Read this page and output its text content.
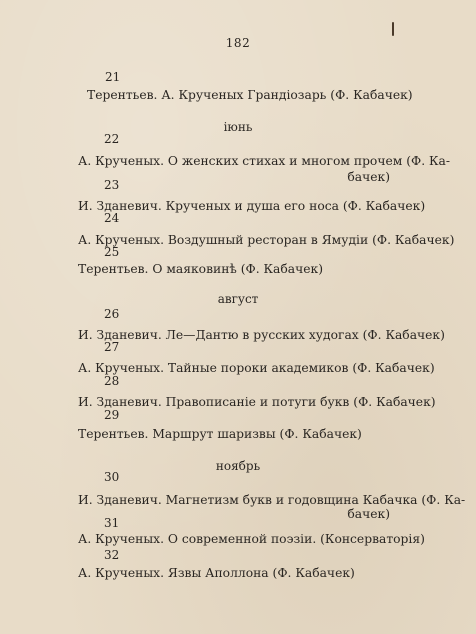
182
21
Терентьев. А. Крученых Грандіозарь (Ф. Кабачек)
іюнь
22
А. Крученых. О женских стихах и многом прочем (Ф. Ка-
бачек)
23
И. Зданевич. Крученых и душа его носа (Ф. Кабачек)
24
А. Крученых. Воздушный ресторан в Ямудіи (Ф. Кабачек)
25
Терентьев. О маяковинѣ (Ф. Кабачек)
август
26
И. Зданевич. Ле—Дантю в русских худогах (Ф. Кабачек)
27
А. Крученых. Тайные пороки академиков (Ф. Кабачек)
28
И. Зданевич. Правописаніе и потуги букв (Ф. Кабачек)
29
Терентьев. Маршрут шаризвы (Ф. Кабачек)
ноябрь
30
И. Зданевич. Магнетизм букв и годовщина Кабачка (Ф. Ка-
бачек)
31
А. Крученых. О современной поэзіи. (Консерваторія)
32
А. Крученых. Язвы Аполлона (Ф. Кабачек)
